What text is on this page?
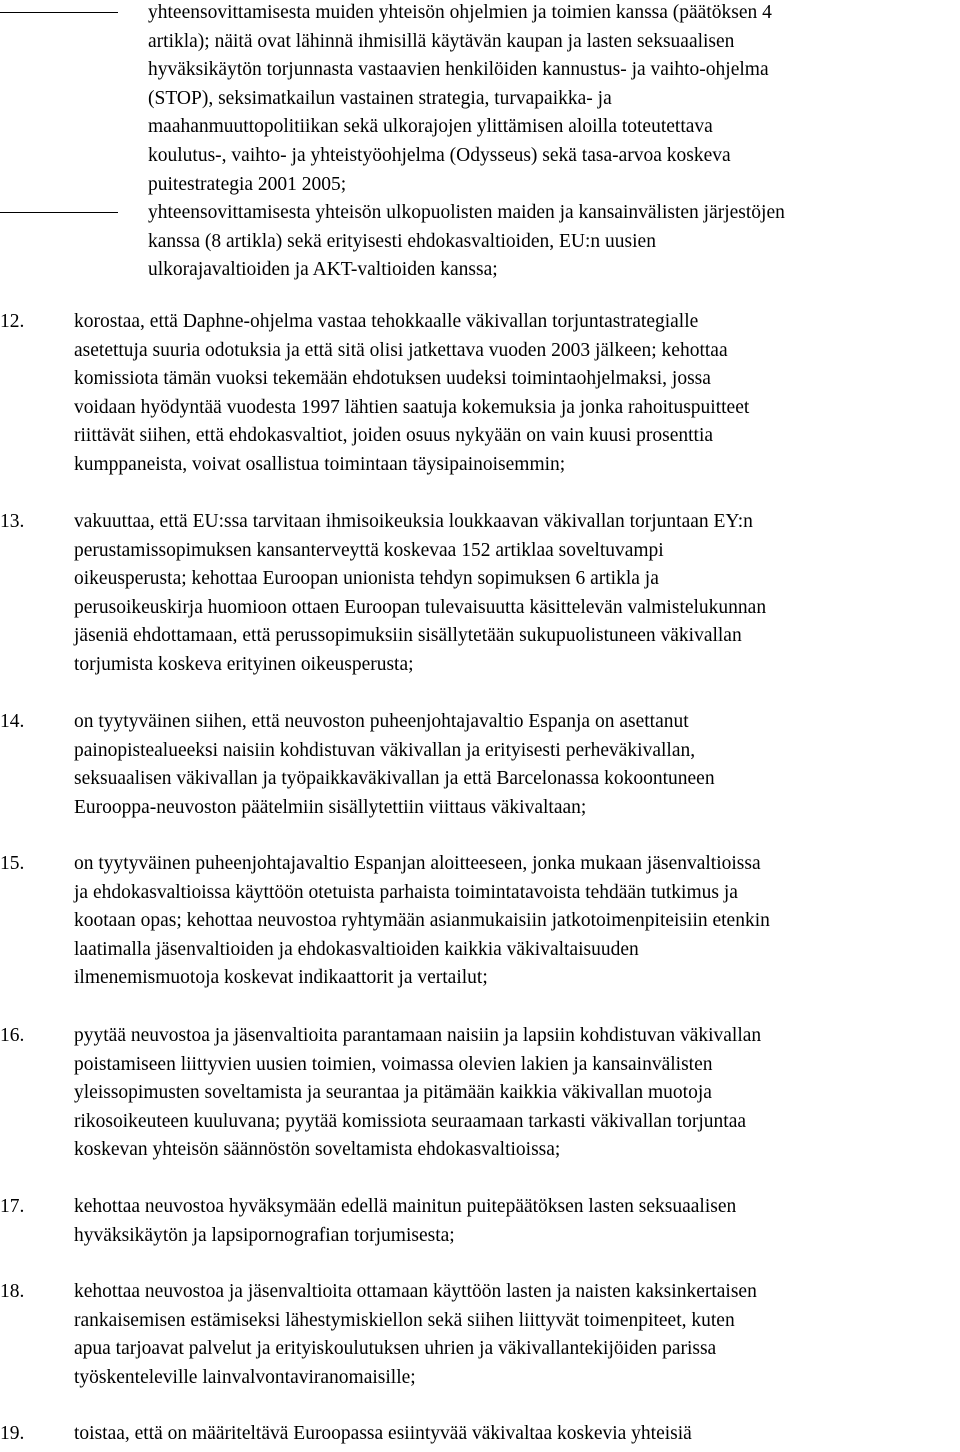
yhteensovittamisesta muiden yhteisön ohjelmien ja toimien kanssa (päätöksen 4
artikla); näitä ovat lähinnä ihmisillä käytävän kaupan ja lasten seksuaalisen
hyväksikäytön torjunnasta vastaavien henkilöiden kannustus- ja vaihto-ohjelma
(STOP), seksimatkailun vastainen strategia, turvapaikka- ja
maahanmuuttopolitiikan sekä ulkorajojen ylittämisen aloilla toteutettava
koulutus-, vaihto- ja yhteistyöohjelma (Odysseus) sekä tasa-arvoa koskeva
puitestrategia 2001 2005;
yhteensovittamisesta yhteisön ulkopuolisten maiden ja kansainvälisten järjestöjen
kanssa (8 artikla) sekä erityisesti ehdokasvaltioiden, EU:n uusien
ulkorajavaltioiden ja AKT-valtioiden kanssa;
12.	korostaa, että Daphne-ohjelma vastaa tehokkaalle väkivallan torjuntastrategialle
asetettuja suuria odotuksia ja että sitä olisi jatkettava vuoden 2003 jälkeen; kehottaa
komissiota tämän vuoksi tekemään ehdotuksen uudeksi toimintaohjelmaksi, jossa
voidaan hyödyntää vuodesta 1997 lähtien saatuja kokemuksia ja jonka rahoituspuitteet
riittävät siihen, että ehdokasvaltiot, joiden osuus nykyään on vain kuusi prosenttia
kumppaneista, voivat osallistua toimintaan täysipainoisemmin;
13.	vakuuttaa, että EU:ssa tarvitaan ihmisoikeuksia loukkaavan väkivallan torjuntaan EY:n
perustamissopimuksen kansanterveyttä koskevaa 152 artiklaa soveltuvampi
oikeusperusta; kehottaa Euroopan unionista tehdyn sopimuksen 6 artikla ja
perusoikeuskirja huomioon ottaen Euroopan tulevaisuutta käsittelevän valmistelukunnan
jäseniä ehdottamaan, että perussopimuksiin sisällytetään sukupuolistuneen väkivallan
torjumista koskeva erityinen oikeusperusta;
14.	on tyytyväinen siihen, että neuvoston puheenjohtajavaltio Espanja on asettanut
painopistealueeksi naisiin kohdistuvan väkivallan ja erityisesti perheväkivallan,
seksuaalisen väkivallan ja työpaikkaväkivallan ja että Barcelonassa kokoontuneen
Eurooppa-neuvoston päätelmiin sisällytettiin viittaus väkivaltaan;
15.	on tyytyväinen puheenjohtajavaltio Espanjan aloitteeseen, jonka mukaan jäsenvaltioissa
ja ehdokasvaltioissa käyttöön otetuista parhaista toimintatavoista tehdään tutkimus ja
kootaan opas; kehottaa neuvostoa ryhtymään asianmukaisiin jatkotoimenpiteisiin etenkin
laatimalla jäsenvaltioiden ja ehdokasvaltioiden kaikkia väkivaltaisuuden
ilmenemismuotoja koskevat indikaattorit ja vertailut;
16.	pyytää neuvostoa ja jäsenvaltioita parantamaan naisiin ja lapsiin kohdistuvan väkivallan
poistamiseen liittyvien uusien toimien, voimassa olevien lakien ja kansainvälisten
yleissopimusten soveltamista ja seurantaa ja pitämään kaikkia väkivallan muotoja
rikosoikeuteen kuuluvana; pyytää komissiota seuraamaan tarkasti väkivallan torjuntaa
koskevan yhteisön säännöstön soveltamista ehdokasvaltioissa;
17.	kehottaa neuvostoa hyväksymään edellä mainitun puitepäätöksen lasten seksuaalisen
hyväksikäytön ja lapsipornografian torjumisesta;
18.	kehottaa neuvostoa ja jäsenvaltioita ottamaan käyttöön lasten ja naisten kaksinkertaisen
rankaisemisen estämiseksi lähestymiskiellon sekä siihen liittyvät toimenpiteet, kuten
apua tarjoavat palvelut ja erityiskoulutuksen uhrien ja väkivallantekijöiden parissa
työskenteleville lainvalvontaviranomaisille;
19.	toistaa, että on määriteltävä Euroopassa esiintyvää väkivaltaa koskevia yhteisiä
